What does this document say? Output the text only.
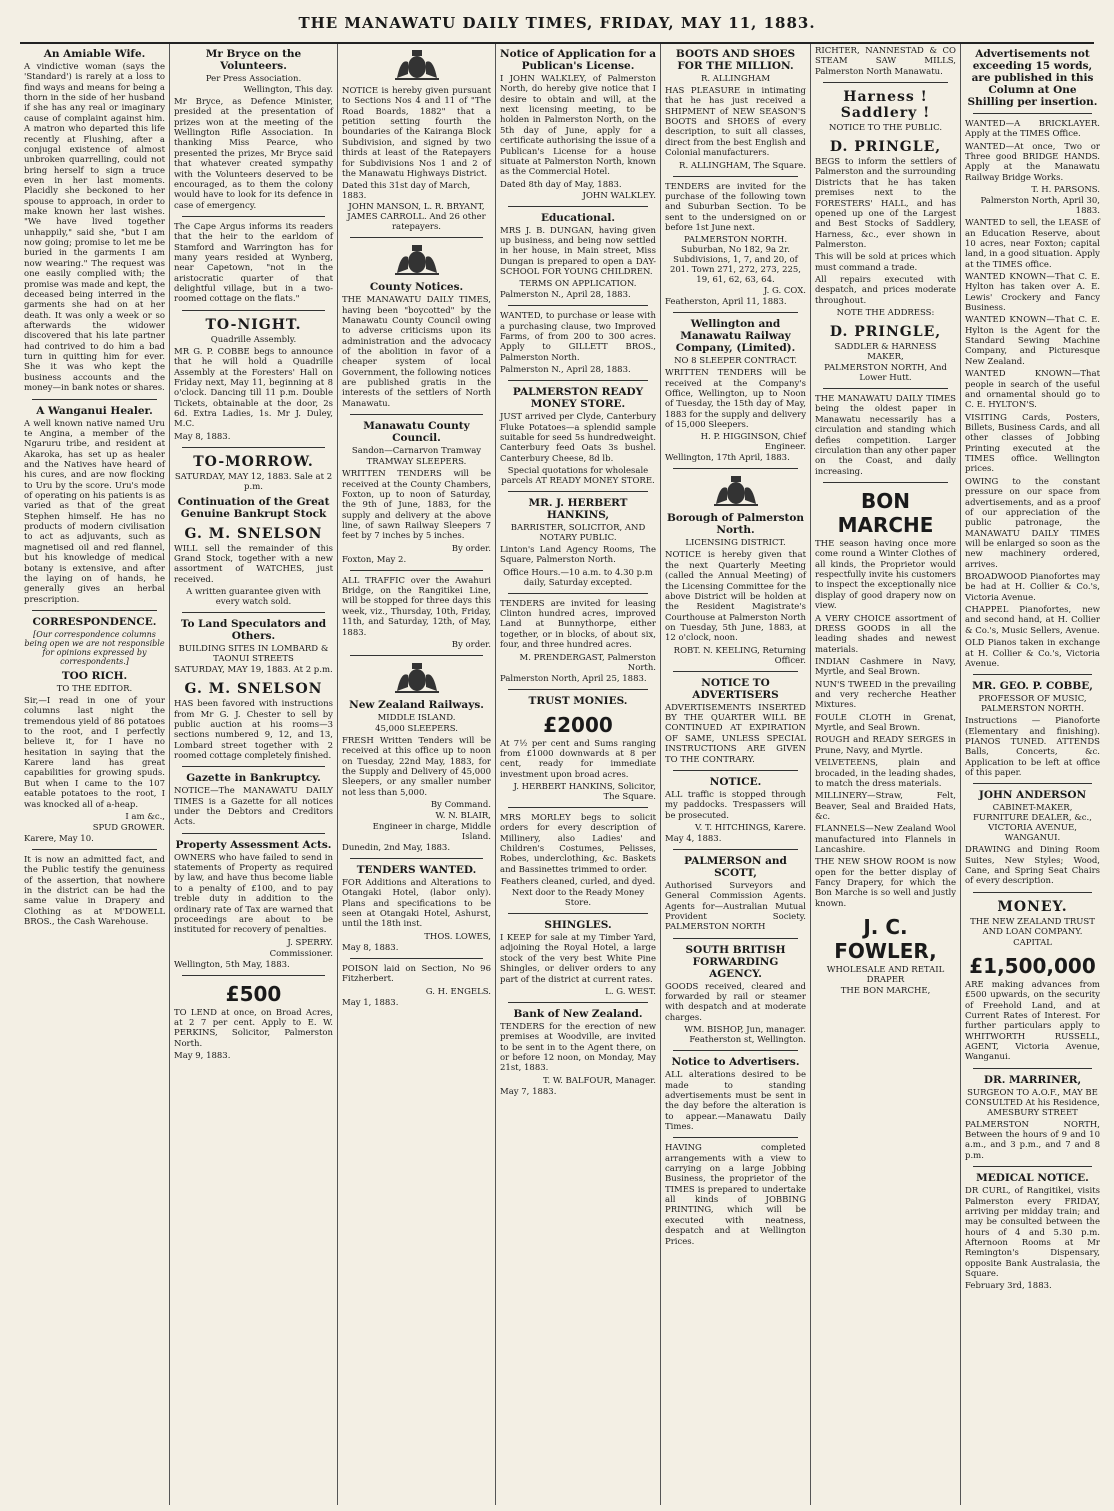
THE MANAWATU DAILY TIMES, FRIDAY, MAY 11, 1883.
An Amiable Wife.
A vindictive woman (says the 'Standard') is rarely at a loss to find ways and means for being a thorn in the side of her husband if she has any real or imaginary cause of complaint against him. A matron who departed this life recently at Flushing, after a conjugal existence of almost unbroken quarrelling, could not bring herself to sign a truce even in her last moments. Placidly she beckoned to her spouse to approach, in order to make known her last wishes. "We have lived together unhappily," said she, "but I am now going; promise to let me be buried in the garments I am now wearing." The request was one easily complied with; the promise was made and kept, the deceased being interred in the garments she had on at her death. It was only a week or so afterwards the widower discovered that his late partner had contrived to do him a bad turn in quitting him for ever. She it was who kept the business accounts and the money—in bank notes or shares.
A Wanganui Healer.
A well known native named Uru te Angina, a member of the Ngaruru tribe, and resident at Akaroka, has set up as healer and the Natives have heard of his cures, and are now flocking to Uru by the score. Uru's mode of operating on his patients is as varied as that of the great Stephen himself. He has no products of modern civilisation to act as adjuvants, such as magnetised oil and red flannel, but his knowledge of medical botany is extensive, and after the laying on of hands, he generally gives an herbal prescription.
CORRESPONDENCE.
[Our correspondence columns being open we are not responsible for opinions expressed by correspondents.]
TOO RICH.
TO THE EDITOR.
Sir,—I read in one of your columns last night the tremendous yield of 86 potatoes to the root, and I perfectly believe it, for I have no hesitation in saying that the Karere land has great capabilities for growing spuds. But when I came to the 107 eatable potatoes to the root, I was knocked all of a-heap.
I am &c.,
SPUD GROWER.
Karere, May 10.
It is now an admitted fact, and the Public testify the genuiness of the assertion, that nowhere in the district can be had the same value in Drapery and Clothing as at M'DOWELL BROS., the Cash Warehouse.
Mr Bryce on the Volunteers.
Per Press Association.
Wellington, This day.
Mr Bryce, as Defence Minister, presided at the presentation of prizes won at the meeting of the Wellington Rifle Association. In thanking Miss Pearce, who presented the prizes, Mr Bryce said that whatever created sympathy with the Volunteers deserved to be encouraged, as to them the colony would have to look for its defence in case of emergency.
The Cape Argus informs its readers that the heir to the earldom of Stamford and Warrington has for many years resided at Wynberg, near Capetown, "not in the aristocratic quarter of that delightful village, but in a two-roomed cottage on the flats."
TO-NIGHT.
Quadrille Assembly.
MR G. P. COBBE begs to announce that he will hold a Quadrille Assembly at the Foresters' Hall on Friday next, May 11, beginning at 8 o'clock. Dancing till 11 p.m. Double Tickets, obtainable at the door, 2s 6d. Extra Ladies, 1s. Mr J. Duley, M.C.
May 8, 1883.
TO-MORROW.
SATURDAY, MAY 12, 1883. Sale at 2 p.m.
Continuation of the Great Genuine Bankrupt Stock
G. M. SNELSON
WILL sell the remainder of this Grand Stock, together with a new assortment of WATCHES, just received.
A written guarantee given with every watch sold.
To Land Speculators and Others.
BUILDING SITES IN LOMBARD & TAONUI STREETS
SATURDAY, MAY 19, 1883. At 2 p.m.
G. M. SNELSON
HAS been favored with instructions from Mr G. J. Chester to sell by public auction at his rooms—3 sections numbered 9, 12, and 13, Lombard street together with 2 roomed cottage completely finished.
Gazette in Bankruptcy.
NOTICE—The MANAWATU DAILY TIMES is a Gazette for all notices under the Debtors and Creditors Acts.
Property Assessment Acts.
OWNERS who have failed to send in statements of Property as required by law, and have thus become liable to a penalty of £100, and to pay treble duty in addition to the ordinary rate of Tax are warned that proceedings are about to be instituted for recovery of penalties.
J. SPERRY.
Commissioner.
Wellington, 5th May, 1883.
£500
TO LEND at once, on Broad Acres, at 2 7 per cent. Apply to E. W. PERKINS, Solicitor, Palmerston North.
May 9, 1883.
NOTICE is hereby given pursuant to Sections Nos 4 and 11 of "The Road Boards, 1882" that a petition setting fourth the boundaries of the Kairanga Block Subdivision, and signed by two thirds at least of the Ratepayers for Subdivisions Nos 1 and 2 of the Manawatu Highways District.
Dated this 31st day of March, 1883.
JOHN MANSON, L. R. BRYANT, JAMES CARROLL. And 26 other ratepayers.
County Notices.
THE MANAWATU DAILY TIMES, having been "boycotted" by the Manawatu County Council owing to adverse criticisms upon its administration and the advocacy of the abolition in favor of a cheaper system of local Government, the following notices are published gratis in the interests of the settlers of North Manawatu.
Manawatu County Council.
Sandon—Carnarvon Tramway
TRAMWAY SLEEPERS.
WRITTEN TENDERS will be received at the County Chambers, Foxton, up to noon of Saturday, the 9th of June, 1883, for the supply and delivery at the above line, of sawn Railway Sleepers 7 feet by 7 inches by 5 inches.
By order.
Foxton, May 2.
ALL TRAFFIC over the Awahuri Bridge, on the Rangitikei Line, will be stopped for three days this week, viz., Thursday, 10th, Friday, 11th, and Saturday, 12th, of May, 1883.
By order.
New Zealand Railways.
MIDDLE ISLAND.
45,000 SLEEPERS.
FRESH Written Tenders will be received at this office up to noon on Tuesday, 22nd May, 1883, for the Supply and Delivery of 45,000 Sleepers, or any smaller number not less than 5,000.
By Command.
W. N. BLAIR,
Engineer in charge, Middle Island.
Dunedin, 2nd May, 1883.
TENDERS WANTED.
FOR Additions and Alterations to Otangaki Hotel, (labor only). Plans and specifications to be seen at Otangaki Hotel, Ashurst, until the 18th inst.
THOS. LOWES,
May 8, 1883.
POISON laid on Section, No 96 Fitzherbert.
G. H. ENGELS.
May 1, 1883.
Notice of Application for a Publican's License.
I JOHN WALKLEY, of Palmerston North, do hereby give notice that I desire to obtain and will, at the next licensing meeting, to be holden in Palmerston North, on the 5th day of June, apply for a certificate authorising the issue of a Publican's License for a house situate at Palmerston North, known as the Commercial Hotel.
Dated 8th day of May, 1883.
JOHN WALKLEY.
Educational.
MRS J. B. DUNGAN, having given up business, and being now settled in her house, in Main street, Miss Dungan is prepared to open a DAY-SCHOOL FOR YOUNG CHILDREN.
TERMS ON APPLICATION.
Palmerston N., April 28, 1883.
WANTED, to purchase or lease with a purchasing clause, two Improved Farms, of from 200 to 300 acres. Apply to GILLETT BROS., Palmerston North.
Palmerston N., April 28, 1883.
PALMERSTON READY MONEY STORE.
JUST arrived per Clyde, Canterbury Fluke Potatoes—a splendid sample suitable for seed 5s hundredweight. Canterbury feed Oats 3s bushel. Canterbury Cheese, 8d lb.
Special quotations for wholesale parcels AT READY MONEY STORE.
MR. J. HERBERT HANKINS,
BARRISTER, SOLICITOR, AND NOTARY PUBLIC.
Linton's Land Agency Rooms, The Square, Palmerston North.
Office Hours.—10 a.m. to 4.30 p.m daily, Saturday excepted.
TENDERS are invited for leasing Clinton hundred acres, improved Land at Bunnythorpe, either together, or in blocks, of about six, four, and three hundred acres.
M. PRENDERGAST, Palmerston North.
Palmerston North, April 25, 1883.
TRUST MONIES.
£2000
At 7½ per cent and Sums ranging from £1000 downwards at 8 per cent, ready for immediate investment upon broad acres.
J. HERBERT HANKINS, Solicitor, The Square.
MRS MORLEY begs to solicit orders for every description of Millinery, also Ladies' and Children's Costumes, Pelisses, Robes, underclothing, &c. Baskets and Bassinettes trimmed to order.
Feathers cleaned, curled, and dyed.
Next door to the Ready Money Store.
SHINGLES.
I KEEP for sale at my Timber Yard, adjoining the Royal Hotel, a large stock of the very best White Pine Shingles, or deliver orders to any part of the district at current rates.
L. G. WEST.
Bank of New Zealand.
TENDERS for the erection of new premises at Woodville, are invited to be sent in to the Agent there, on or before 12 noon, on Monday, May 21st, 1883.
T. W. BALFOUR, Manager.
May 7, 1883.
BOOTS AND SHOES FOR THE MILLION.
R. ALLINGHAM
HAS PLEASURE in intimating that he has just received a SHIPMENT of NEW SEASON'S BOOTS and SHOES of every description, to suit all classes, direct from the best English and Colonial manufacturers.
R. ALLINGHAM, The Square.
TENDERS are invited for the purchase of the following town and Suburban Section. To be sent to the undersigned on or before 1st June next.
PALMERSTON NORTH. Suburban, No 182, 9a 2r. Subdivisions, 1, 7, and 20, of 201. Town 271, 272, 273, 225, 19, 61, 62, 63, 64.
J. G. COX.
Featherston, April 11, 1883.
Wellington and Manawatu Railway Company, (Limited).
NO 8 SLEEPER CONTRACT.
WRITTEN TENDERS will be received at the Company's Office, Wellington, up to Noon of Tuesday, the 15th day of May, 1883 for the supply and delivery of 15,000 Sleepers.
H. P. HIGGINSON, Chief Engineer.
Wellington, 17th April, 1883.
Borough of Palmerston North.
LICENSING DISTRICT.
NOTICE is hereby given that the next Quarterly Meeting (called the Annual Meeting) of the Licensing Committee for the above District will be holden at the Resident Magistrate's Courthouse at Palmerston North on Tuesday, 5th June, 1883, at 12 o'clock, noon.
ROBT. N. KEELING, Returning Officer.
NOTICE TO ADVERTISERS
ADVERTISEMENTS INSERTED BY THE QUARTER WILL BE CONTINUED AT EXPIRATION OF SAME, UNLESS SPECIAL INSTRUCTIONS ARE GIVEN TO THE CONTRARY.
NOTICE.
ALL traffic is stopped through my paddocks. Trespassers will be prosecuted.
V. T. HITCHINGS, Karere.
May 4, 1883.
PALMERSON and SCOTT,
Authorised Surveyors and General Commission Agents. Agents for—Australian Mutual Provident Society. PALMERSTON NORTH
SOUTH BRITISH FORWARDING AGENCY.
GOODS received, cleared and forwarded by rail or steamer with despatch and at moderate charges.
WM. BISHOP, Jun, manager. Featherston st, Wellington.
Notice to Advertisers.
ALL alterations desired to be made to standing advertisements must be sent in the day before the alteration is to appear.—Manawatu Daily Times.
HAVING completed arrangements with a view to carrying on a large Jobbing Business, the proprietor of the TIMES is prepared to undertake all kinds of JOBBING PRINTING, which will be executed with neatness, despatch and at Wellington Prices.
RICHTER, NANNESTAD & CO STEAM SAW MILLS, Palmerston North Manawatu.
Harness ! Saddlery !
NOTICE TO THE PUBLIC.
D. PRINGLE,
BEGS to inform the settlers of Palmerston and the surrounding Districts that he has taken premises next to the FORESTERS' HALL, and has opened up one of the Largest and Best Stocks of Saddlery, Harness, &c., ever shown in Palmerston.
This will be sold at prices which must command a trade.
All repairs executed with despatch, and prices moderate throughout.
NOTE THE ADDRESS:
D. PRINGLE,
SADDLER & HARNESS MAKER,
PALMERSTON NORTH, And Lower Hutt.
THE MANAWATU DAILY TIMES being the oldest paper in Manawatu necessarily has a circulation and standing which defies competition. Larger circulation than any other paper on the Coast, and daily increasing.
BON MARCHE
THE season having once more come round a Winter Clothes of all kinds, the Proprietor would respectfully invite his customers to inspect the exceptionally nice display of good drapery now on view.
A VERY CHOICE assortment of DRESS GOODS in all the leading shades and newest materials.
INDIAN Cashmere in Navy, Myrtle, and Seal Brown.
NUN'S TWEED in the prevailing and very recherche Heather Mixtures.
FOULE CLOTH in Grenat, Myrtle, and Seal Brown.
ROUGH and READY SERGES in Prune, Navy, and Myrtle.
VELVETEENS, plain and brocaded, in the leading shades, to match the dress materials.
MILLINERY—Straw, Felt, Beaver, Seal and Braided Hats, &c.
FLANNELS—New Zealand Wool manufactured into Flannels in Lancashire.
THE NEW SHOW ROOM is now open for the better display of Fancy Drapery, for which the Bon Marche is so well and justly known.
J. C. FOWLER,
WHOLESALE AND RETAIL DRAPER
THE BON MARCHE,
Advertisements not exceeding 15 words, are published in this Column at One Shilling per insertion.
WANTED—A BRICKLAYER. Apply at the TIMES Office.
WANTED—At once, Two or Three good BRIDGE HANDS. Apply at the Manawatu Railway Bridge Works.
T. H. PARSONS.
Palmerston North, April 30, 1883.
WANTED to sell, the LEASE of an Education Reserve, about 10 acres, near Foxton; capital land, in a good situation. Apply at the TIMES office.
WANTED KNOWN—That C. E. Hylton has taken over A. E. Lewis' Crockery and Fancy Business.
WANTED KNOWN—That C. E. Hylton is the Agent for the Standard Sewing Machine Company, and Picturesque New Zealand.
WANTED KNOWN—That people in search of the useful and ornamental should go to C. E. HYLTON'S.
VISITING Cards, Posters, Billets, Business Cards, and all other classes of Jobbing Printing executed at the TIMES office. Wellington prices.
OWING to the constant pressure on our space from advertisements, and as a proof of our appreciation of the public patronage, the MANAWATU DAILY TIMES will be enlarged so soon as the new machinery ordered, arrives.
BROADWOOD Pianofortes may be had at H. Collier & Co.'s, Victoria Avenue.
CHAPPEL Pianofortes, new and second hand, at H. Collier & Co.'s, Music Sellers, Avenue.
OLD Pianos taken in exchange at H. Collier & Co.'s, Victoria Avenue.
MR. GEO. P. COBBE,
PROFESSOR OF MUSIC, PALMERSTON NORTH.
Instructions — Pianoforte (Elementary and finishing). PIANOS TUNED. ATTENDS Balls, Concerts, &c. Application to be left at office of this paper.
JOHN ANDERSON
CABINET-MAKER, FURNITURE DEALER, &c., VICTORIA AVENUE, WANGANUI.
DRAWING and Dining Room Suites, New Styles; Wood, Cane, and Spring Seat Chairs of every description.
MONEY.
THE NEW ZEALAND TRUST AND LOAN COMPANY.
CAPITAL
£1,500,000
ARE making advances from £500 upwards, on the security of Freehold Land, and at Current Rates of Interest. For further particulars apply to WHITWORTH RUSSELL, AGENT, Victoria Avenue, Wanganui.
DR. MARRINER,
SURGEON TO A.O.F., MAY BE CONSULTED At his Residence, AMESBURY STREET
PALMERSTON NORTH, Between the hours of 9 and 10 a.m., and 3 p.m., and 7 and 8 p.m.
MEDICAL NOTICE.
DR CURL, of Rangitikei, visits Palmerston every FRIDAY, arriving per midday train; and may be consulted between the hours of 4 and 5.30 p.m. Afternoon Rooms at Mr Remington's Dispensary, opposite Bank Australasia, the Square.
February 3rd, 1883.
